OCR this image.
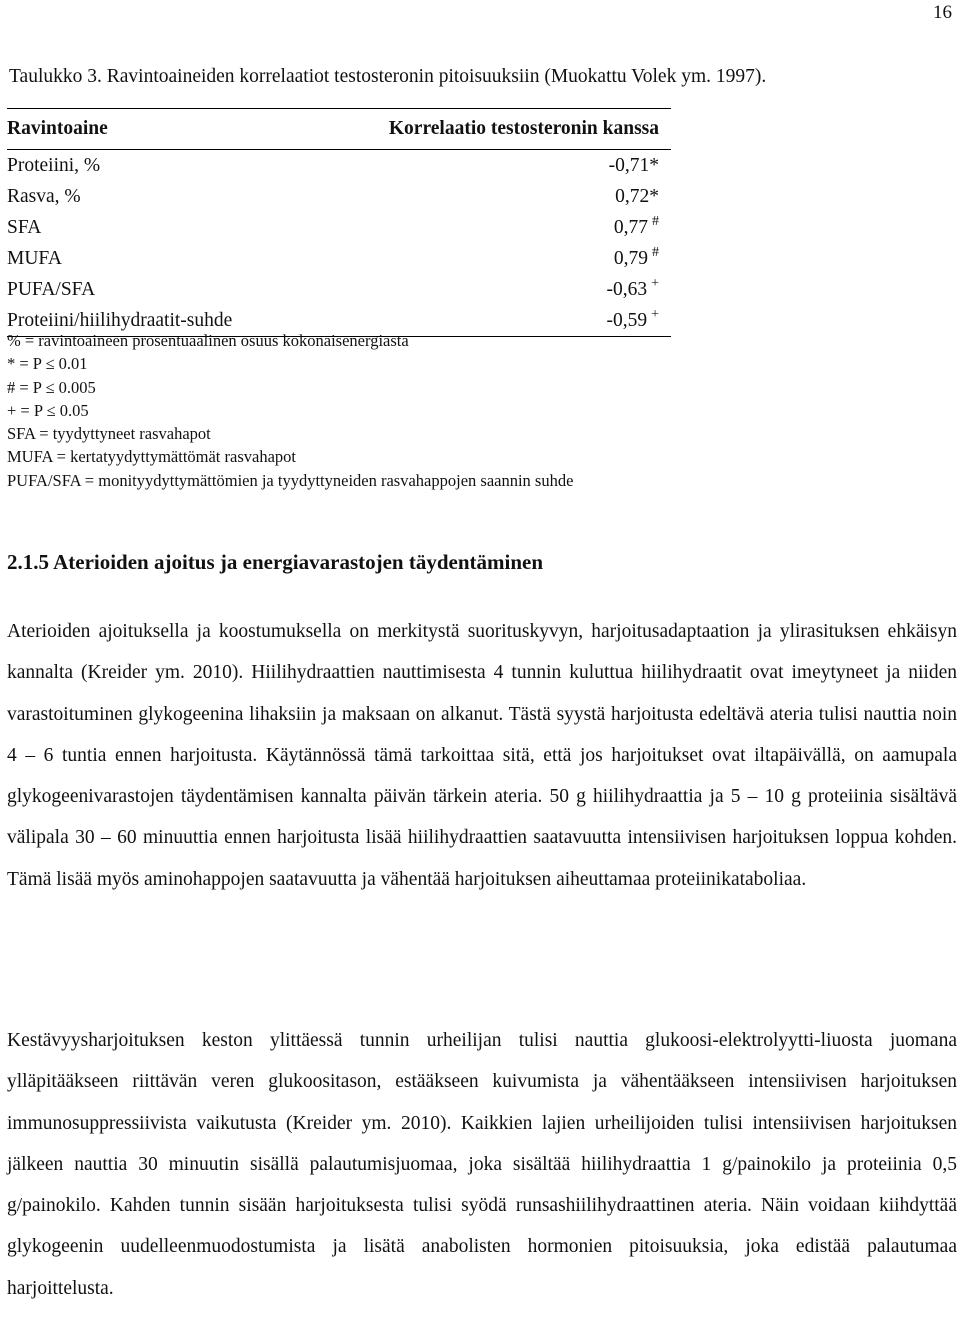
16
Taulukko 3. Ravintoaineiden korrelaatiot testosteronin pitoisuuksiin (Muokattu Volek ym. 1997).
Ravintoaine	Korrelaatio testosteronin kanssa
Proteiini, %	-0,71*
Rasva, %	0,72*
SFA	0,77 #
MUFA	0,79 #
PUFA/SFA	-0,63 +
Proteiini/hiilihydraatit-suhde	-0,59 +
% = ravintoaineen prosentuaalinen osuus kokonaisenergiasta
* = P ≤ 0.01
# = P ≤ 0.005
+ = P ≤ 0.05
SFA = tyydyttyneet rasvahapot
MUFA = kertatyydyttymättömät rasvahapot
PUFA/SFA = monityydyttymättömien ja tyydyttyneiden rasvahappojen saannin suhde
2.1.5 Aterioiden ajoitus ja energiavarastojen täydentäminen

Aterioiden ajoituksella ja koostumuksella on merkitystä suorituskyvyn, harjoitusadaptaation ja ylirasituksen ehkäisyn kannalta (Kreider ym. 2010). Hiilihydraattien nauttimisesta 4 tunnin kuluttua hiilihydraatit ovat imeytyneet ja niiden varastoituminen glykogeenina lihaksiin ja maksaan on alkanut. Tästä syystä harjoitusta edeltävä ateria tulisi nauttia noin 4 – 6 tuntia ennen harjoitusta. Käytännössä tämä tarkoittaa sitä, että jos harjoitukset ovat iltapäivällä, on aamupala glykogeenivarastojen täydentämisen kannalta päivän tärkein ateria. 50 g hiilihydraattia ja 5 – 10 g proteiinia sisältävä välipala 30 – 60 minuuttia ennen harjoitusta lisää hiilihydraattien saatavuutta intensiivisen harjoituksen loppua kohden. Tämä lisää myös aminohappojen saatavuutta ja vähentää harjoituksen aiheuttamaa proteiinikataboliaa.

Kestävyysharjoituksen keston ylittäessä tunnin urheilijan tulisi nauttia glukoosi-elektrolyytti-liuosta juomana ylläpitääkseen riittävän veren glukoositason, estääkseen kuivumista ja vähentääkseen intensiivisen harjoituksen immunosuppressiivista vaikutusta (Kreider ym. 2010). Kaikkien lajien urheilijoiden tulisi intensiivisen harjoituksen jälkeen nauttia 30 minuutin sisällä palautumisjuomaa, joka sisältää hiilihydraattia 1 g/painokilo ja proteiinia 0,5 g/painokilo. Kahden tunnin sisään harjoituksesta tulisi syödä runsashiilihydraattinen ateria. Näin voidaan kiihdyttää glykogeenin uudelleenmuodostumista ja lisätä anabolisten hormonien pitoisuuksia, joka edistää palautumaa harjoittelusta.
